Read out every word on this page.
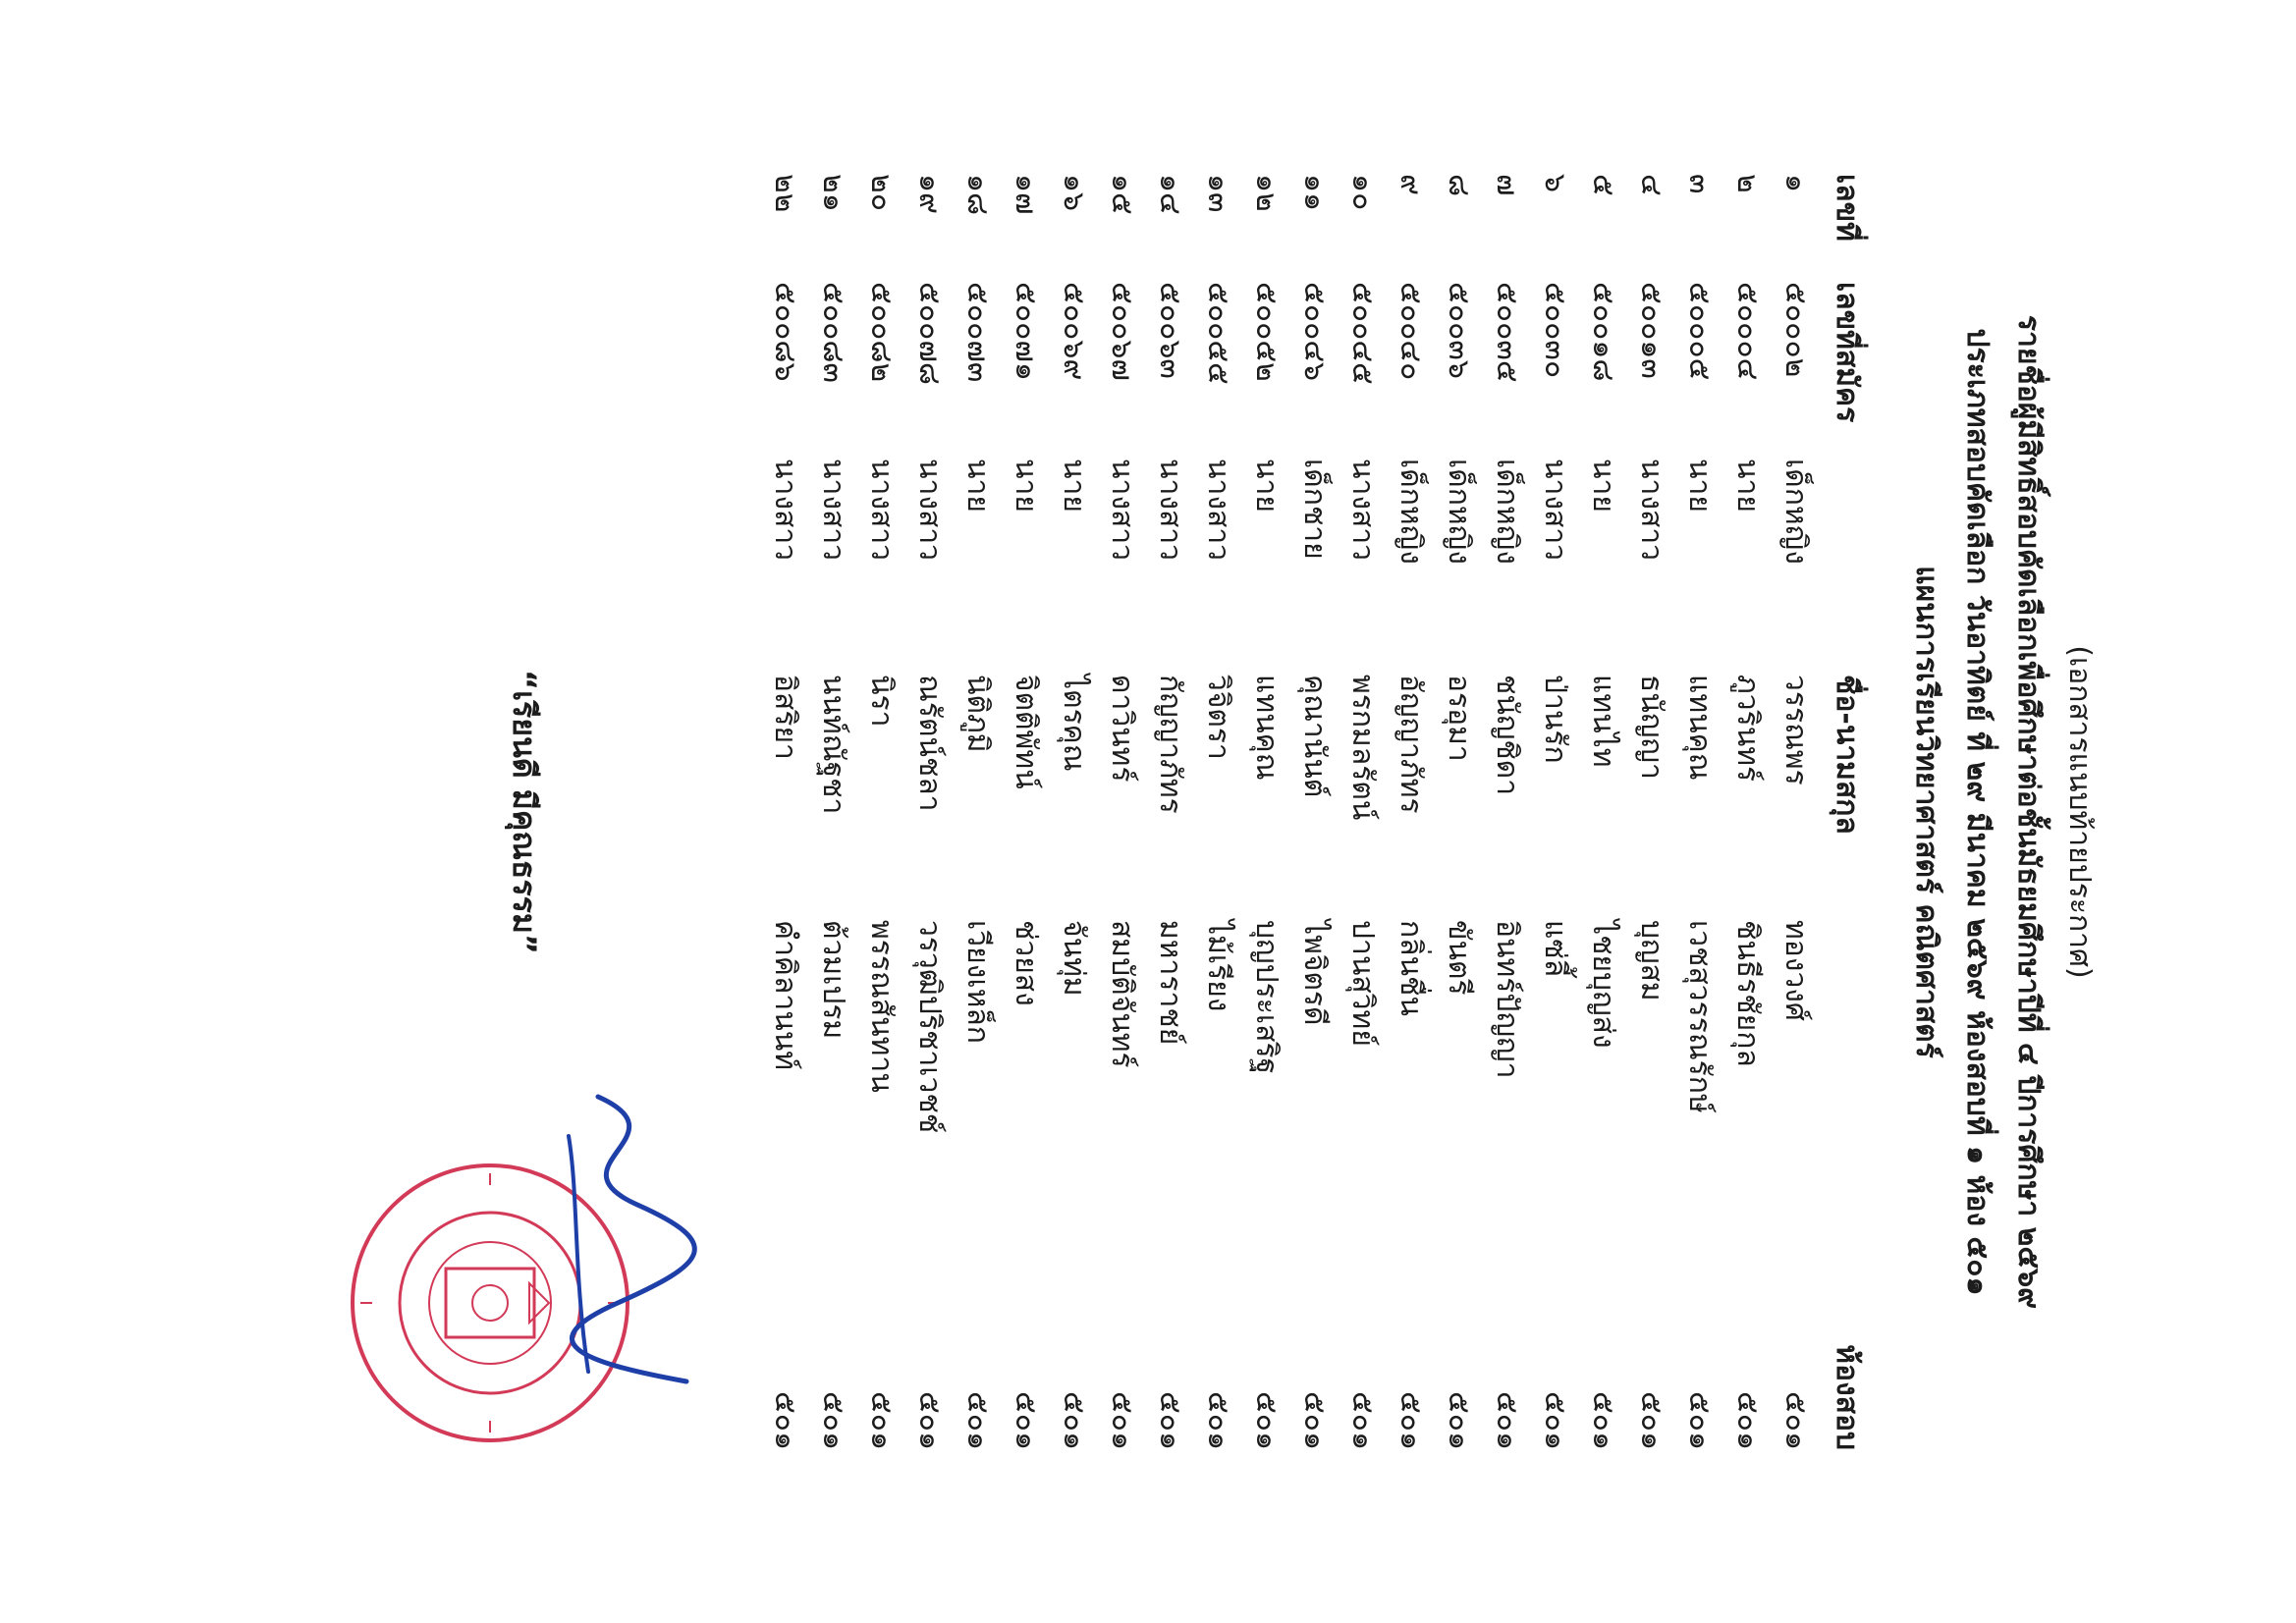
(เอกสารแนบท้ายประกาศ)
รายชื่อผู้มีสิทธิ์สอบคัดเลือกเพื่อศึกษาต่อชั้นมัธยมศึกษาปีที่ ๔ ปีการศึกษา ๒๕๖๙
ประเภทสอบคัดเลือก วันอาทิตย์ ที่ ๒๙ มีนาคม ๒๕๖๙ ห้องสอบที่ ๑ ห้อง ๕๐๑
แผนการเรียนวิทยาศาสตร์ คณิตศาสตร์
เลขที่
เลขที่สมัคร
ชื่อ-นามสกุล
ห้องสอบ
๑
๕๐๐๐๒
เด็กหญิง
วรรณพร
ทองวงศ์
๕๐๑
๒
๕๐๐๐๔
นาย
ภูวรินทร์
ชินธีรชัยกุล
๕๐๑
๓
๕๐๐๐๕
นาย
แทนคุณ
เวชสุวรรณรักษ์
๕๐๑
๔
๕๐๐๑๓
นางสาว
ธนัญญา
บุญสม
๕๐๑
๕
๕๐๐๑๘
นาย
แทนไท
ไชยบุญส่ง
๕๐๑
๖
๕๐๐๓๐
นางสาว
ป่านรัก
แซ่ลี้
๕๐๑
๗
๕๐๐๓๕
เด็กหญิง
ชนัญชิดา
อินทร์ปัญญา
๕๐๑
๘
๕๐๐๓๖
เด็กหญิง
อรอุมา
ขันตรี
๕๐๑
๙
๕๐๐๔๐
เด็กหญิง
อัญญาภัทร
กลิ่นชื่น
๕๐๑
๑๐
๕๐๐๔๕
นางสาว
พรกมลรัตน์
ปานสุวิทย์
๕๐๑
๑๑
๕๐๐๔๖
เด็กชาย
คุณานันต์
ไพจิตรดี
๕๐๑
๑๒
๕๐๐๕๒
นาย
แทนคุณ
บุญประเสริฐ
๕๐๑
๑๓
๕๐๐๕๕
นางสาว
วิจิตรา
ไม้เรียง
๕๐๑
๑๔
๕๐๐๖๓
นางสาว
กัญญาภัทร
มหาราชย์
๕๐๑
๑๕
๕๐๐๖๗
นางสาว
ดาวินทร์
สมบัติจันทร์
๕๐๑
๑๖
๕๐๐๖๙
นาย
ไตรคุณ
จันทุ่ม
๕๐๑
๑๗
๕๐๐๗๑
นาย
จิตติพัทน์
ช่วยสง
๕๐๑
๑๘
๕๐๐๗๓
นาย
นิติภูมิ
เวียงเหล็ก
๕๐๑
๑๙
๕๐๐๗๘
นางสาว
ณรัตน์ชลา
วรวุฒิปริชาเวชช์
๕๐๑
๒๐
๕๐๐๘๒
นางสาว
นิรา
พรรณสันทาน
๕๐๑
๒๑
๕๐๐๘๓
นางสาว
นนท์ณัฐชา
ต้วมเปรม
๕๐๑
๒๒
๕๐๐๘๖
นางสาว
อิสริยา
คำคิลานนท์
๕๐๑
“เรียนดี มีคุณธรรม”
